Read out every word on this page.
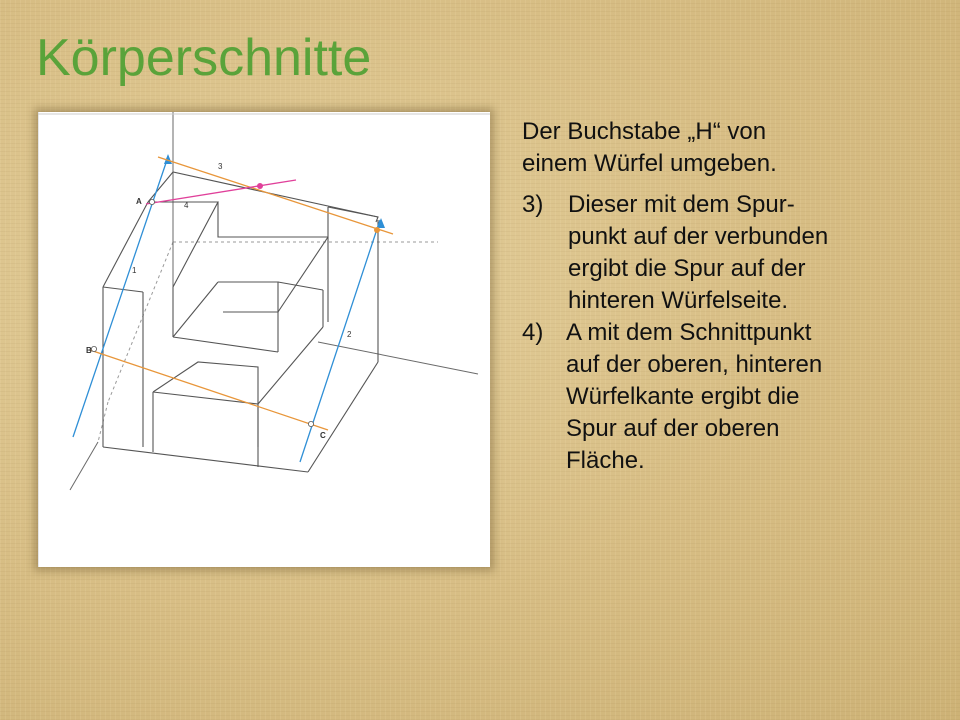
Körperschnitte
A
B
C
1
2
3
4
Der Buchstabe „H“ von
einem Würfel umgeben.
3)	Dieser mit dem Spur-
punkt auf der verbunden
ergibt die Spur auf der
hinteren Würfelseite.
4) A mit dem Schnittpunkt
auf der oberen, hinteren
Würfelkante ergibt die
Spur auf der oberen
Fläche.
